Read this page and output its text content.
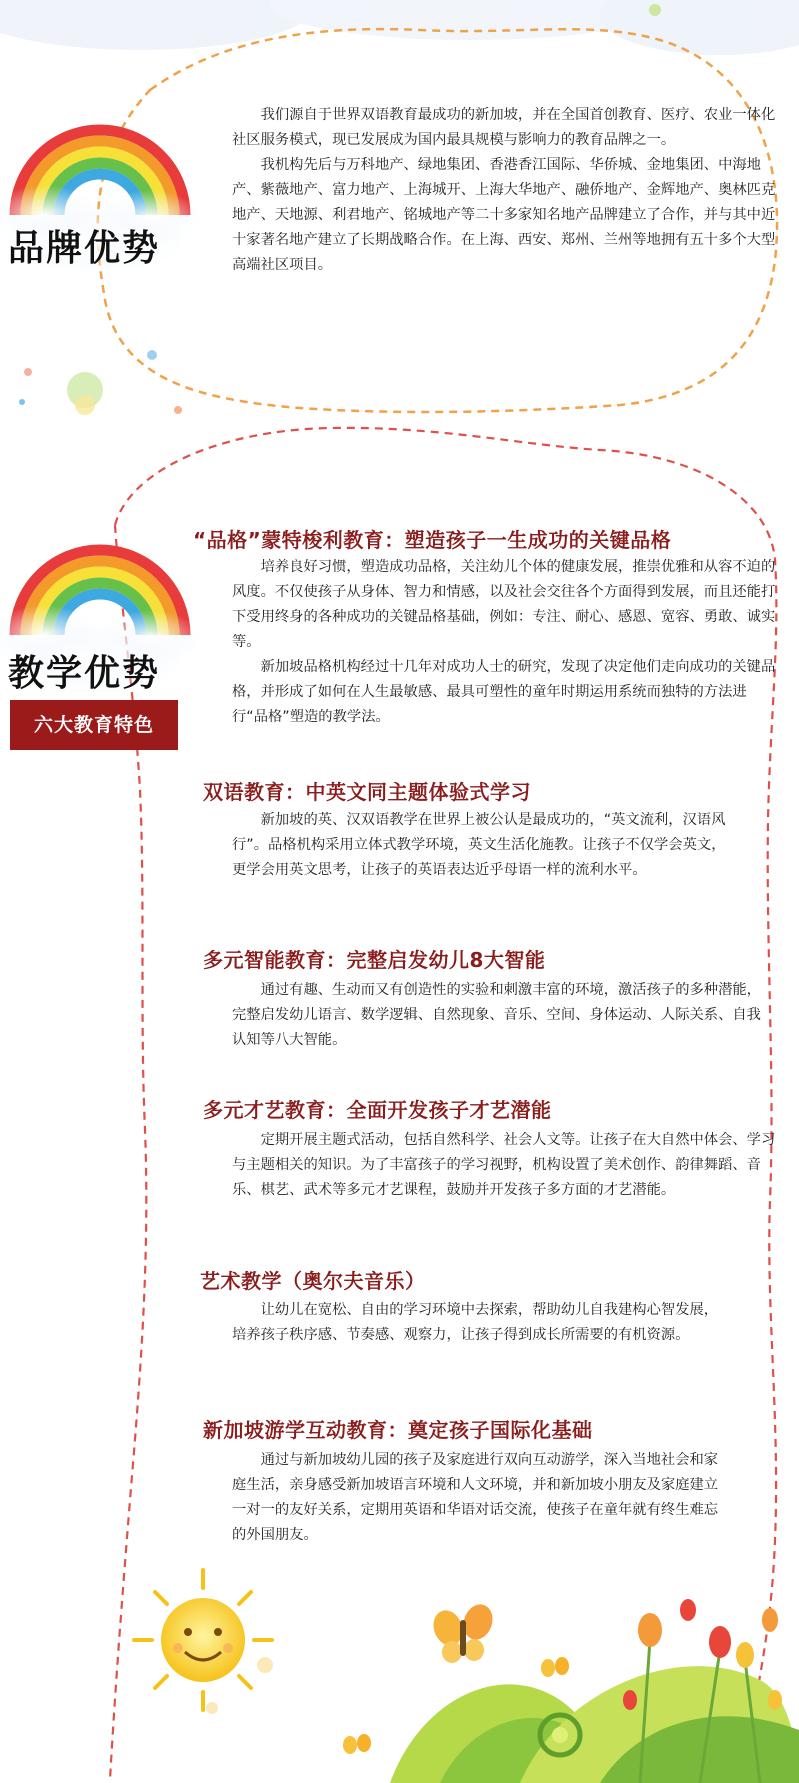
品牌优势

我们源自于世界双语教育最成功的新加坡，并在全国首创教育、医疗、农业一体化社区服务模式，现已发展成为国内最具规模与影响力的教育品牌之一。

我机构先后与万科地产、绿地集团、香港香江国际、华侨城、金地集团、中海地产、紫薇地产、富力地产、上海城开、上海大华地产、融侨地产、金辉地产、奥林匹克地产、天地源、利君地产、铭城地产等二十多家知名地产品牌建立了合作，并与其中近十家著名地产建立了长期战略合作。在上海、西安、郑州、兰州等地拥有五十多个大型高端社区项目。

教学优势
六大教育特色
“品格”蒙特梭利教育：塑造孩子一生成功的关键品格

培养良好习惯，塑造成功品格，关注幼儿个体的健康发展，推崇优雅和从容不迫的风度。不仅使孩子从身体、智力和情感，以及社会交往各个方面得到发展，而且还能打下受用终身的各种成功的关键品格基础，例如：专注、耐心、感恩、宽容、勇敢、诚实等。

新加坡品格机构经过十几年对成功人士的研究，发现了决定他们走向成功的关键品格，并形成了如何在人生最敏感、最具可塑性的童年时期运用系统而独特的方法进行“品格”塑造的教学法。

双语教育：中英文同主题体验式学习

新加坡的英、汉双语教学在世界上被公认是最成功的，“英文流利，汉语风行”。品格机构采用立体式教学环境，英文生活化施教。让孩子不仅学会英文，更学会用英文思考，让孩子的英语表达近乎母语一样的流利水平。

多元智能教育：完整启发幼儿8大智能

通过有趣、生动而又有创造性的实验和刺激丰富的环境，激活孩子的多种潜能，完整启发幼儿语言、数学逻辑、自然现象、音乐、空间、身体运动、人际关系、自我认知等八大智能。

多元才艺教育：全面开发孩子才艺潜能

定期开展主题式活动，包括自然科学、社会人文等。让孩子在大自然中体会、学习与主题相关的知识。为了丰富孩子的学习视野，机构设置了美术创作、韵律舞蹈、音乐、棋艺、武术等多元才艺课程，鼓励并开发孩子多方面的才艺潜能。

艺术教学（奥尔夫音乐）

让幼儿在宽松、自由的学习环境中去探索，帮助幼儿自我建构心智发展，培养孩子秩序感、节奏感、观察力，让孩子得到成长所需要的有机资源。

新加坡游学互动教育：奠定孩子国际化基础

通过与新加坡幼儿园的孩子及家庭进行双向互动游学，深入当地社会和家庭生活，亲身感受新加坡语言环境和人文环境，并和新加坡小朋友及家庭建立一对一的友好关系，定期用英语和华语对话交流，使孩子在童年就有终生难忘的外国朋友。
